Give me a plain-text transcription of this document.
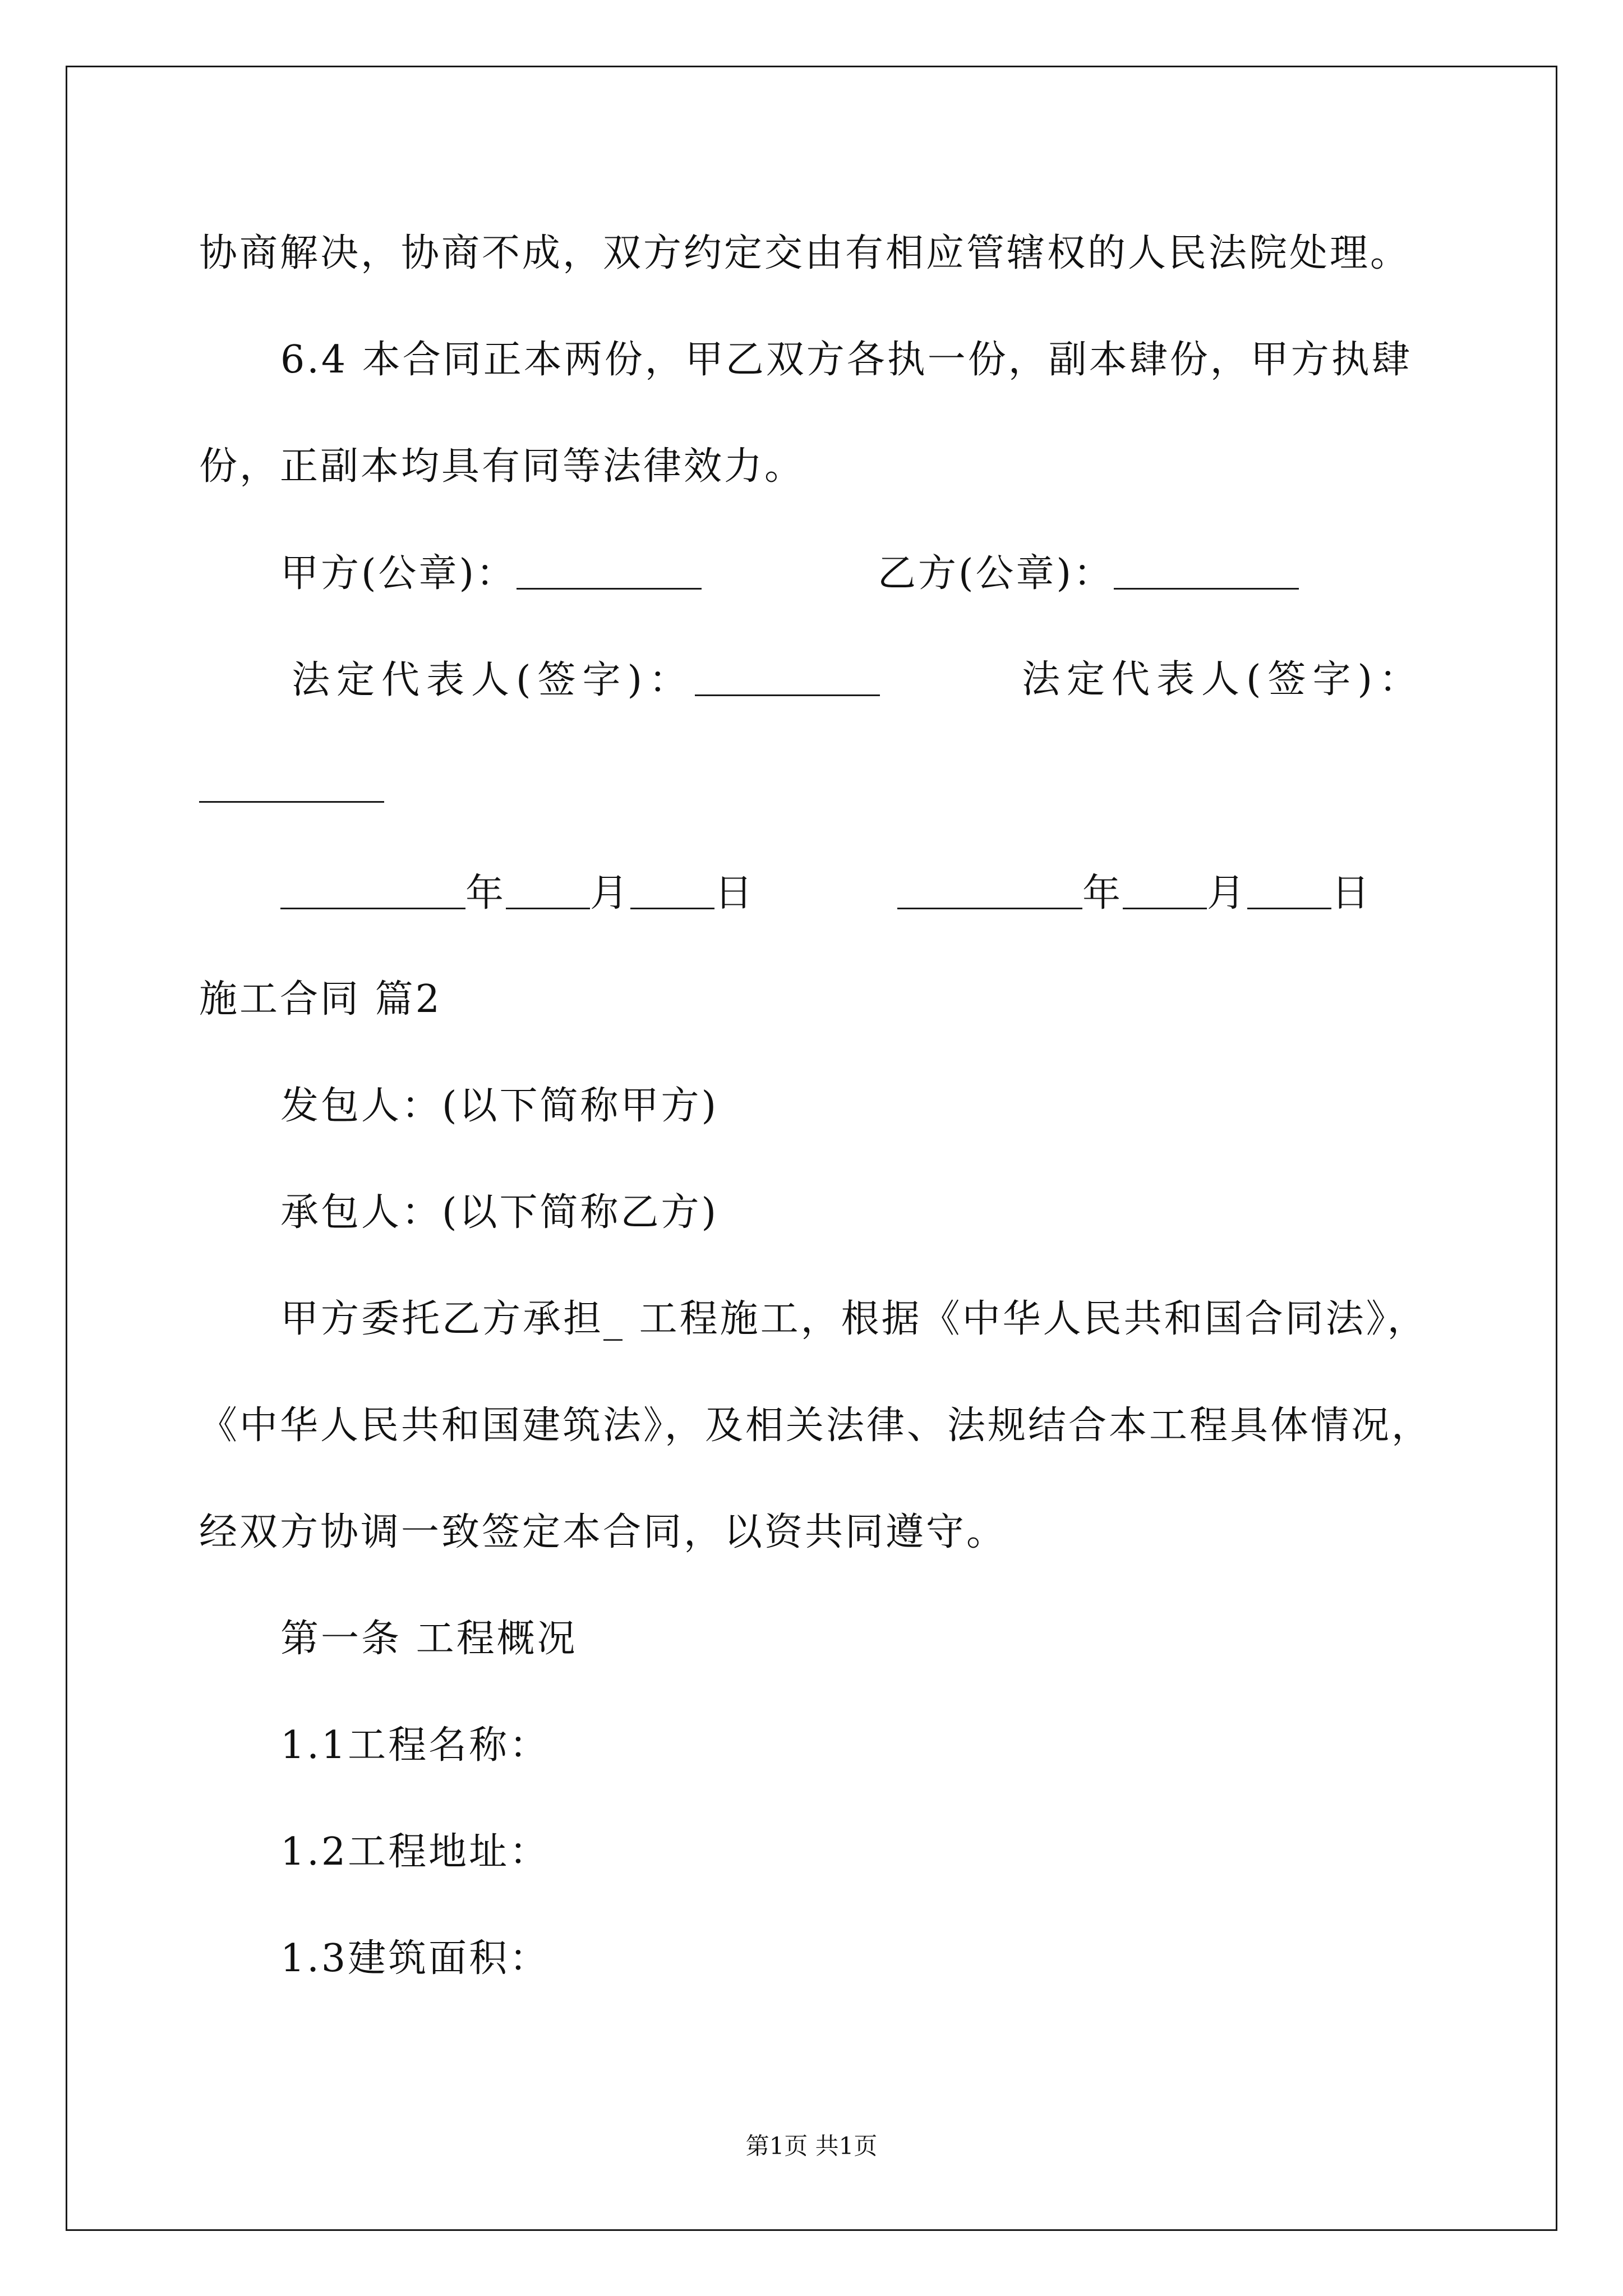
协商解决，协商不成，双方约定交由有相应管辖权的人民法院处理。
6.4 本合同正本两份，甲乙双方各执一份，副本肆份，甲方执肆
份，正副本均具有同等法律效力。
甲方(公章)：	乙方(公章)：
法定代表人(签字)：	法定代表人(签字)：
年 月 日	年 月 日
施工合同 篇2
发包人：(以下简称甲方)
承包人：(以下简称乙方)
甲方委托乙方承担_ 工程施工，根据《中华人民共和国合同法》，
《中华人民共和国建筑法》，及相关法律、法规结合本工程具体情况，
经双方协调一致签定本合同，以资共同遵守。
第一条 工程概况
1.1工程名称：
1.2工程地址：
1.3建筑面积：
第1页 共1页
